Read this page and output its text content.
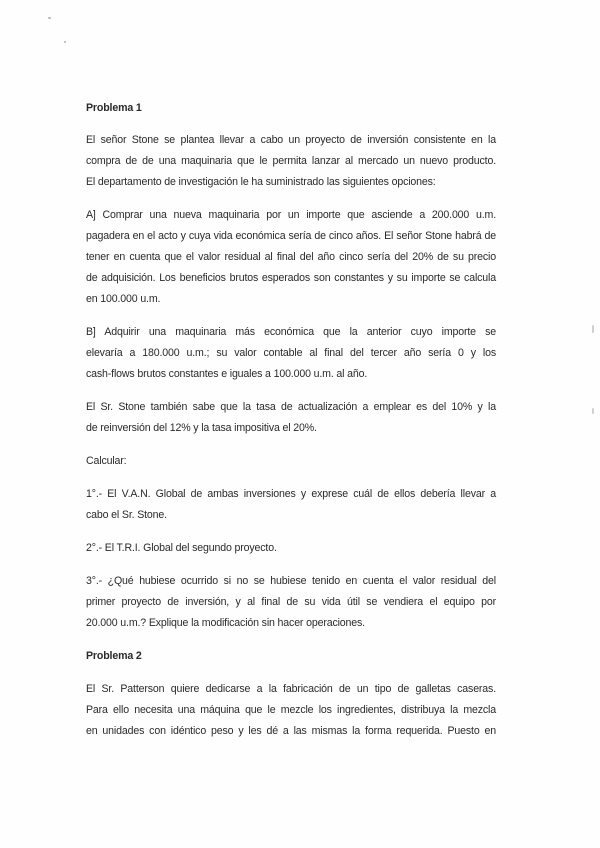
Problema 1

El señor Stone se plantea llevar a cabo un proyecto de inversión consistente en la
compra de de una maquinaria que le permita lanzar al mercado un nuevo producto.
El departamento de investigación le ha suministrado las siguientes opciones:

A] Comprar una nueva maquinaria por un importe que asciende a 200.000 u.m.
pagadera en el acto y cuya vida económica sería de cinco años. El señor Stone habrá de
tener en cuenta que el valor residual al final del año cinco sería del 20% de su precio
de adquisición. Los beneficios brutos esperados son constantes y su importe se calcula
en 100.000 u.m.

B] Adquirir una maquinaria más económica que la anterior cuyo importe se
elevaría a 180.000 u.m.; su valor contable al final del tercer año sería 0 y los
cash-flows brutos constantes e iguales a 100.000 u.m. al año.

El Sr. Stone también sabe que la tasa de actualización a emplear es del 10% y la
de reinversión del 12% y la tasa impositiva el 20%.

Calcular:

1°.- El V.A.N. Global de ambas inversiones y exprese cuál de ellos debería llevar a
cabo el Sr. Stone.

2°.- El T.R.I. Global del segundo proyecto.

3°.- ¿Qué hubiese ocurrido si no se hubiese tenido en cuenta el valor residual del
primer proyecto de inversión, y al final de su vida útil se vendiera el equipo por
20.000 u.m.? Explique la modificación sin hacer operaciones.

Problema 2

El Sr. Patterson quiere dedicarse a la fabricación de un tipo de galletas caseras.
Para ello necesita una máquina que le mezcle los ingredientes, distribuya la mezcla
en unidades con idéntico peso y les dé a las mismas la forma requerida. Puesto en
